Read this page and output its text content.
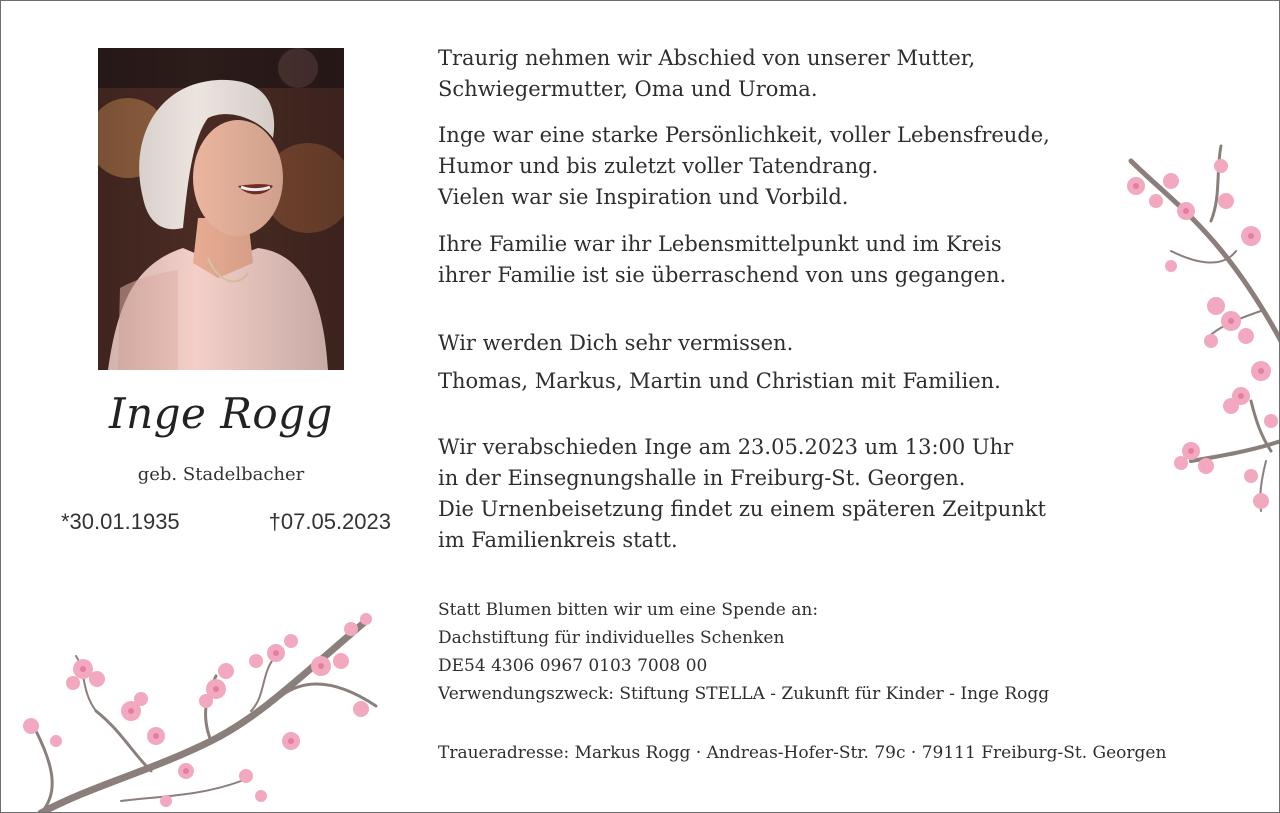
Inge Rogg
geb. Stadelbacher
*30.01.1935	†07.05.2023

Traurig nehmen wir Abschied von unserer Mutter,
Schwiegermutter, Oma und Uroma.

Inge war eine starke Persönlichkeit, voller Lebensfreude,
Humor und bis zuletzt voller Tatendrang.
Vielen war sie Inspiration und Vorbild.

Ihre Familie war ihr Lebensmittelpunkt und im Kreis
ihrer Familie ist sie überraschend von uns gegangen.

Wir werden Dich sehr vermissen.

Thomas, Markus, Martin und Christian mit Familien.

Wir verabschieden Inge am 23.05.2023 um 13:00 Uhr
in der Einsegnungshalle in Freiburg-St. Georgen.
Die Urnenbeisetzung findet zu einem späteren Zeitpunkt
im Familienkreis statt.

Statt Blumen bitten wir um eine Spende an:
Dachstiftung für individuelles Schenken
DE54 4306 0967 0103 7008 00
Verwendungszweck: Stiftung STELLA - Zukunft für Kinder - Inge Rogg
Traueradresse: Markus Rogg · Andreas-Hofer-Str. 79c · 79111 Freiburg-St. Georgen
